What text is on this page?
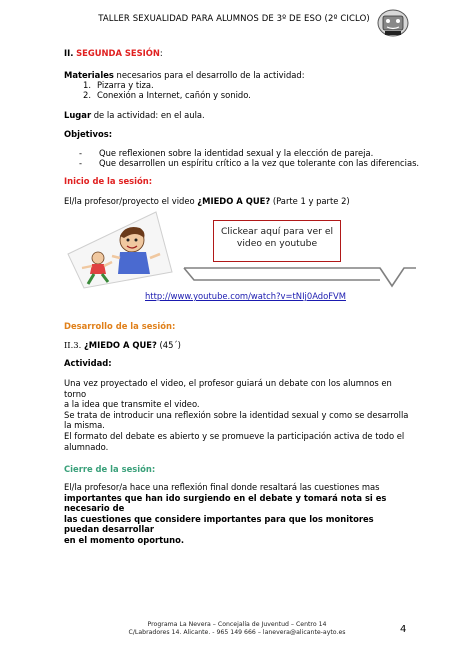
TALLER SEXUALIDAD PARA ALUMNOS DE 3º DE ESO (2º CICLO)
II. SEGUNDA SESIÓN:
Materiales necesarios para el desarrollo de la actividad:
1. Pizarra y tiza.
2. Conexión a Internet, cañón y sonido.
Lugar de la actividad: en el aula.
Objetivos:
- Que reflexionen sobre la identidad sexual y la elección de pareja.
- Que desarrollen un espíritu crítico a la vez que tolerante con las diferencias.
Inicio de la sesión:
El/la profesor/proyecto el video ¿MIEDO A QUE? (Parte 1 y parte 2)
Clickear aquí para ver el
video en youtube
http://www.youtube.com/watch?v=tNIj0AdoFVM
Desarrollo de la sesión:
II.3. ¿MIEDO A QUE? (45´)
Actividad:
Una vez proyectado el video, el profesor guiará un debate con los alumnos en torno
a la idea que transmite el video.
Se trata de introducir una reflexión sobre la identidad sexual y como se desarrolla
la misma.
El formato del debate es abierto y se promueve la participación activa de todo el
alumnado.
Cierre de la sesión:
El/la profesor/a hace una reflexión final donde resaltará las cuestiones mas
importantes que han ido surgiendo en el debate y tomará nota si es necesario de
las cuestiones que considere importantes para que los monitores puedan desarrollar
en el momento oportuno.
Programa La Nevera – Concejalía de Juventud – Centro 14
C/Labradores 14. Alicante. - 965 149 666 – lanevera@alicante-ayto.es	4
